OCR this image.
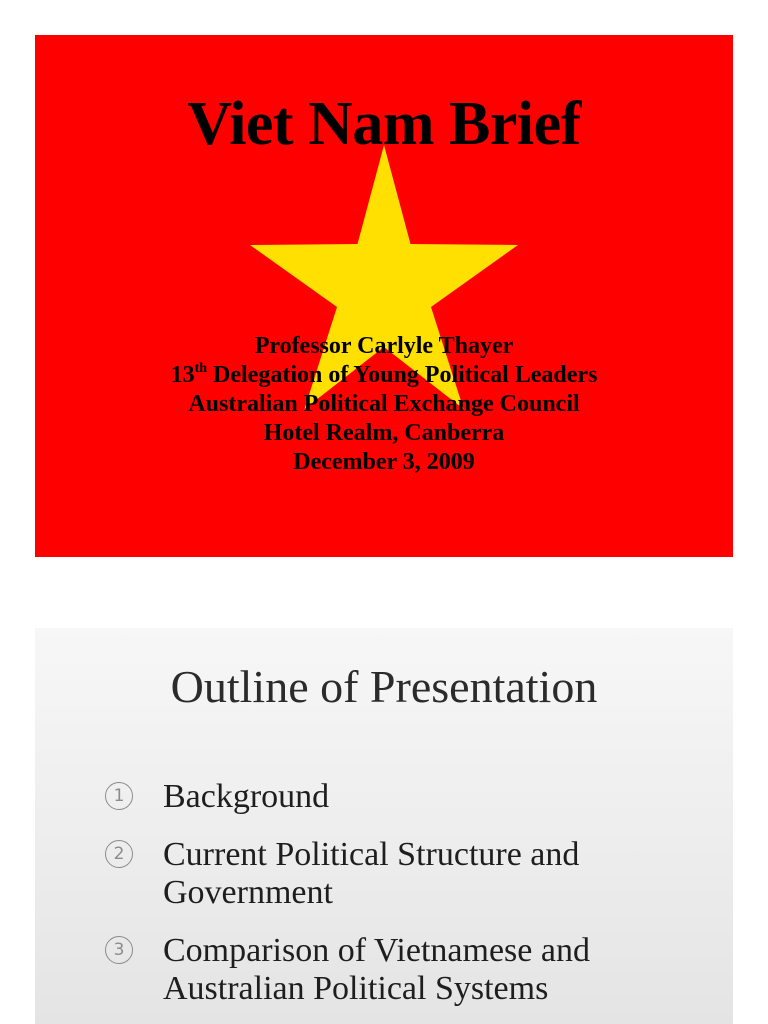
Viet Nam Brief
Professor Carlyle Thayer
13th Delegation of Young Political Leaders
Australian Political Exchange Council
Hotel Realm, Canberra
December 3, 2009
Outline of Presentation
1 Background
2 Current Political Structure and
Government
3 Comparison of Vietnamese and
Australian Political Systems
